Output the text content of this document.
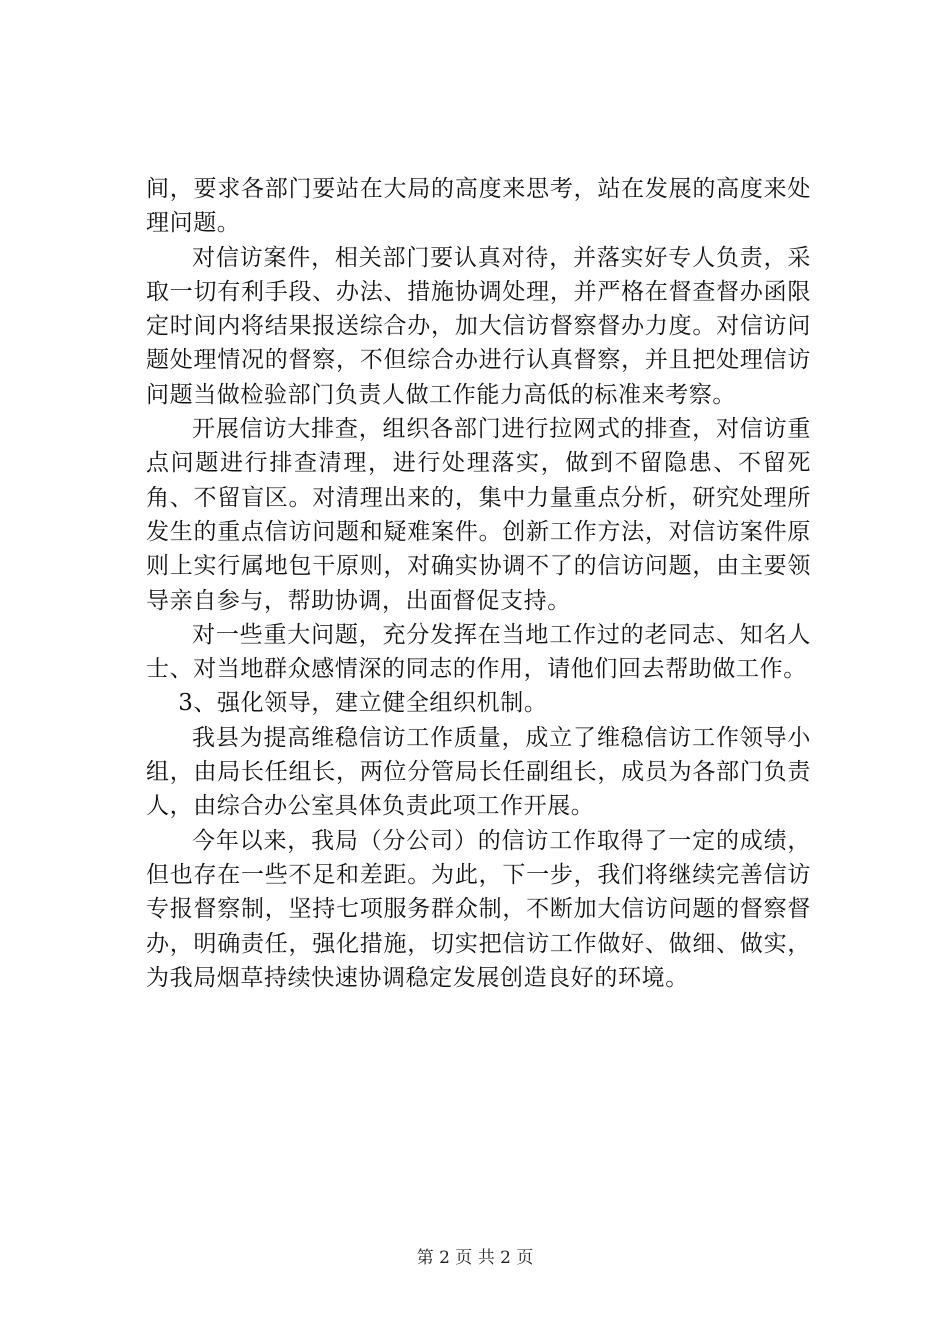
间，要求各部门要站在大局的高度来思考，站在发展的高度来处理问题。

对信访案件，相关部门要认真对待，并落实好专人负责，采取一切有利手段、办法、措施协调处理，并严格在督查督办函限定时间内将结果报送综合办，加大信访督察督办力度。对信访问题处理情况的督察，不但综合办进行认真督察，并且把处理信访问题当做检验部门负责人做工作能力高低的标准来考察。

开展信访大排查，组织各部门进行拉网式的排查，对信访重点问题进行排查清理，进行处理落实，做到不留隐患、不留死角、不留盲区。对清理出来的，集中力量重点分析，研究处理所发生的重点信访问题和疑难案件。创新工作方法，对信访案件原则上实行属地包干原则，对确实协调不了的信访问题，由主要领导亲自参与，帮助协调，出面督促支持。

对一些重大问题，充分发挥在当地工作过的老同志、知名人士、对当地群众感情深的同志的作用，请他们回去帮助做工作。

3、强化领导，建立健全组织机制。

我县为提高维稳信访工作质量，成立了维稳信访工作领导小组，由局长任组长，两位分管局长任副组长，成员为各部门负责人，由综合办公室具体负责此项工作开展。

今年以来，我局（分公司）的信访工作取得了一定的成绩，但也存在一些不足和差距。为此，下一步，我们将继续完善信访专报督察制，坚持七项服务群众制，不断加大信访问题的督察督办，明确责任，强化措施，切实把信访工作做好、做细、做实，为我局烟草持续快速协调稳定发展创造良好的环境。

第 2 页 共 2 页
